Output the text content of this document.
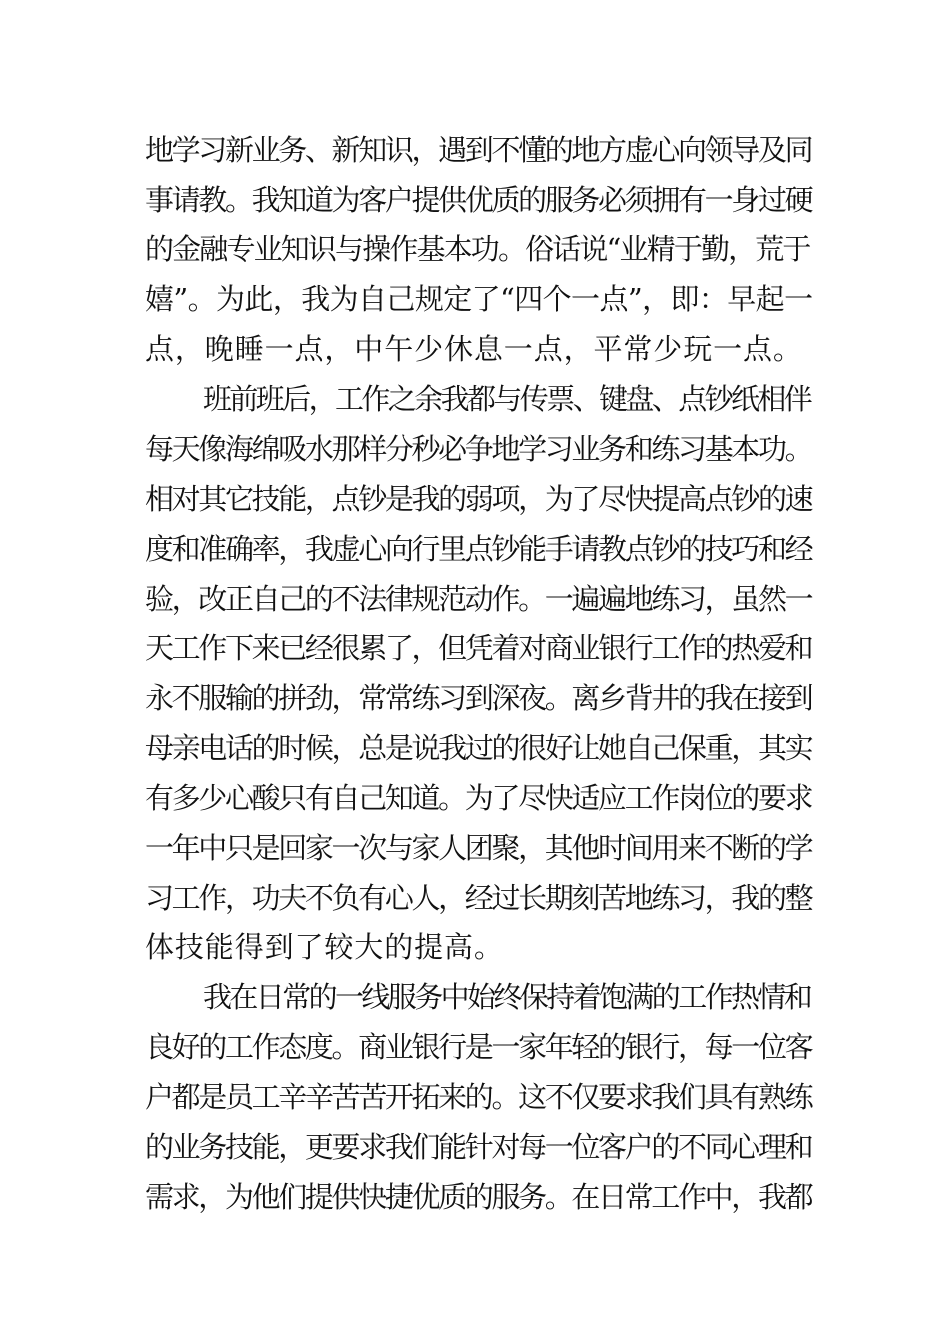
地学习新业务、新知识，遇到不懂的地方虚心向领导及同
事请教。我知道为客户提供优质的服务必须拥有一身过硬
的金融专业知识与操作基本功。俗话说“业精于勤，荒于
嬉”。为此，我为自己规定了“四个一点”，即：早起一
点，晚睡一点，中午少休息一点，平常少玩一点。
班前班后，工作之余我都与传票、键盘、点钞纸相伴
每天像海绵吸水那样分秒必争地学习业务和练习基本功。
相对其它技能，点钞是我的弱项，为了尽快提高点钞的速
度和准确率，我虚心向行里点钞能手请教点钞的技巧和经
验，改正自己的不法律规范动作。一遍遍地练习，虽然一
天工作下来已经很累了，但凭着对商业银行工作的热爱和
永不服输的拼劲，常常练习到深夜。离乡背井的我在接到
母亲电话的时候，总是说我过的很好让她自己保重，其实
有多少心酸只有自己知道。为了尽快适应工作岗位的要求
一年中只是回家一次与家人团聚，其他时间用来不断的学
习工作，功夫不负有心人，经过长期刻苦地练习，我的整
体技能得到了较大的提高。
我在日常的一线服务中始终保持着饱满的工作热情和
良好的工作态度。商业银行是一家年轻的银行，每一位客
户都是员工辛辛苦苦开拓来的。这不仅要求我们具有熟练
的业务技能，更要求我们能针对每一位客户的不同心理和
需求，为他们提供快捷优质的服务。在日常工作中，我都
